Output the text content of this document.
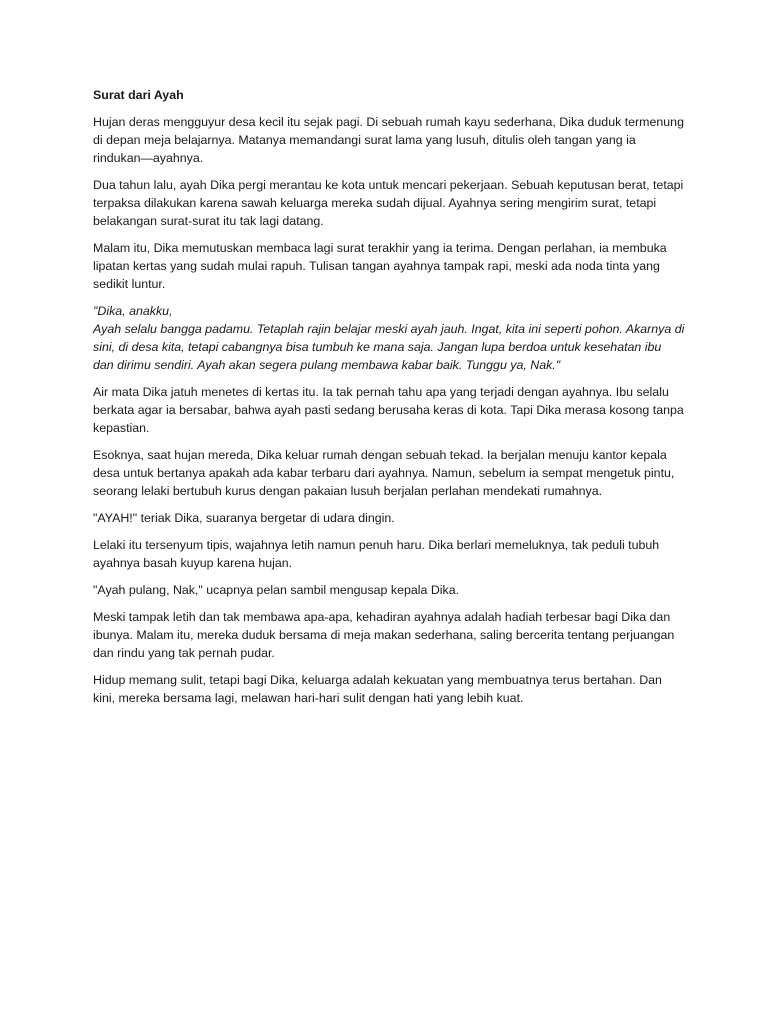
Surat dari Ayah

Hujan deras mengguyur desa kecil itu sejak pagi. Di sebuah rumah kayu sederhana, Dika duduk termenung di depan meja belajarnya. Matanya memandangi surat lama yang lusuh, ditulis oleh tangan yang ia rindukan—ayahnya.

Dua tahun lalu, ayah Dika pergi merantau ke kota untuk mencari pekerjaan. Sebuah keputusan berat, tetapi terpaksa dilakukan karena sawah keluarga mereka sudah dijual. Ayahnya sering mengirim surat, tetapi belakangan surat-surat itu tak lagi datang.

Malam itu, Dika memutuskan membaca lagi surat terakhir yang ia terima. Dengan perlahan, ia membuka lipatan kertas yang sudah mulai rapuh. Tulisan tangan ayahnya tampak rapi, meski ada noda tinta yang sedikit luntur.

"Dika, anakku,
Ayah selalu bangga padamu. Tetaplah rajin belajar meski ayah jauh. Ingat, kita ini seperti pohon. Akarnya di sini, di desa kita, tetapi cabangnya bisa tumbuh ke mana saja. Jangan lupa berdoa untuk kesehatan ibu dan dirimu sendiri. Ayah akan segera pulang membawa kabar baik. Tunggu ya, Nak."

Air mata Dika jatuh menetes di kertas itu. Ia tak pernah tahu apa yang terjadi dengan ayahnya. Ibu selalu berkata agar ia bersabar, bahwa ayah pasti sedang berusaha keras di kota. Tapi Dika merasa kosong tanpa kepastian.

Esoknya, saat hujan mereda, Dika keluar rumah dengan sebuah tekad. Ia berjalan menuju kantor kepala desa untuk bertanya apakah ada kabar terbaru dari ayahnya. Namun, sebelum ia sempat mengetuk pintu, seorang lelaki bertubuh kurus dengan pakaian lusuh berjalan perlahan mendekati rumahnya.

"AYAH!" teriak Dika, suaranya bergetar di udara dingin.

Lelaki itu tersenyum tipis, wajahnya letih namun penuh haru. Dika berlari memeluknya, tak peduli tubuh ayahnya basah kuyup karena hujan.

"Ayah pulang, Nak," ucapnya pelan sambil mengusap kepala Dika.

Meski tampak letih dan tak membawa apa-apa, kehadiran ayahnya adalah hadiah terbesar bagi Dika dan ibunya. Malam itu, mereka duduk bersama di meja makan sederhana, saling bercerita tentang perjuangan dan rindu yang tak pernah pudar.

Hidup memang sulit, tetapi bagi Dika, keluarga adalah kekuatan yang membuatnya terus bertahan. Dan kini, mereka bersama lagi, melawan hari-hari sulit dengan hati yang lebih kuat.
